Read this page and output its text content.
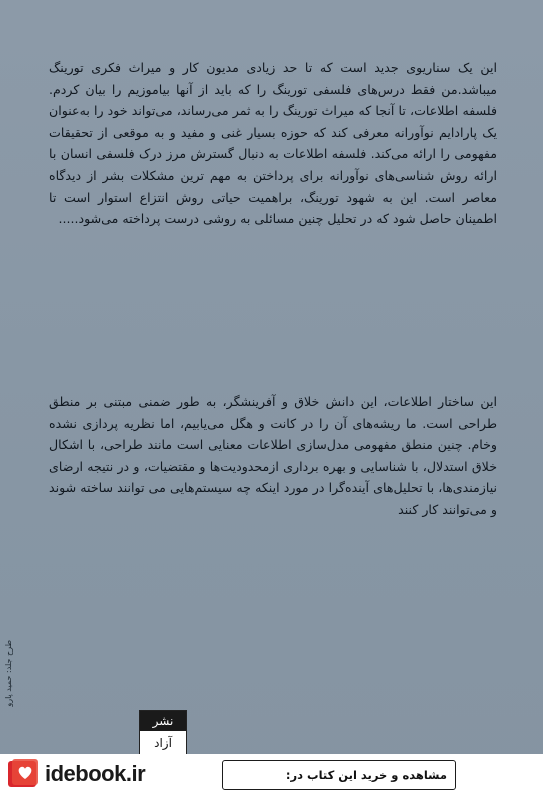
این یک سناریوی جدید است که تا حد زیادی مدیون کار و میراث فکری تورینگ میباشد.من فقط درس‌های فلسفی تورینگ را که باید از آنها بیاموزیم را بیان کردم. فلسفه اطلاعات، تا آنجا که میراث تورینگ را به ثمر می‌رساند، می‌تواند خود را به‌عنوان یک پارادایم نوآورانه معرفی کند که حوزه بسیار غنی و مفید و به موقعی از تحقیقات مفهومی را ارائه می‌کند. فلسفه اطلاعات به دنبال گسترش مرز درک فلسفی انسان با ارائه روش شناسی‌های نوآورانه برای پرداختن به مهم ترین مشکلات بشر از دیدگاه معاصر است. این به شهود تورینگ، براهمیت حیاتی روش انتزاع استوار است تا اطمینان حاصل شود که در تحلیل چنین مسائلی به روشی درست پرداخته می‌شود.....

این ساختار اطلاعات، این دانش خلاق و آفرینشگر، به طور ضمنی مبتنی بر منطق طراحی است. ما ریشه‌های آن را در کانت و هگل می‌یابیم، اما نظریه پردازی نشده وخام. چنین منطق مفهومی مدل‌سازی اطلاعات معنایی است مانند طراحی، با اشکال خلاق استدلال، با شناسایی و بهره برداری ازمحدودیت‌ها و مقتضیات، و در نتیجه ارضای نیازمندی‌ها، با تحلیل‌های آینده‌گرا در مورد اینکه چه سیستم‌هایی می توانند ساخته شوند و می‌توانند کار کنند

طرح جلد: حمید پارو
نشر
آزاد
idebook.ir	مشاهده و خرید این کتاب در:
